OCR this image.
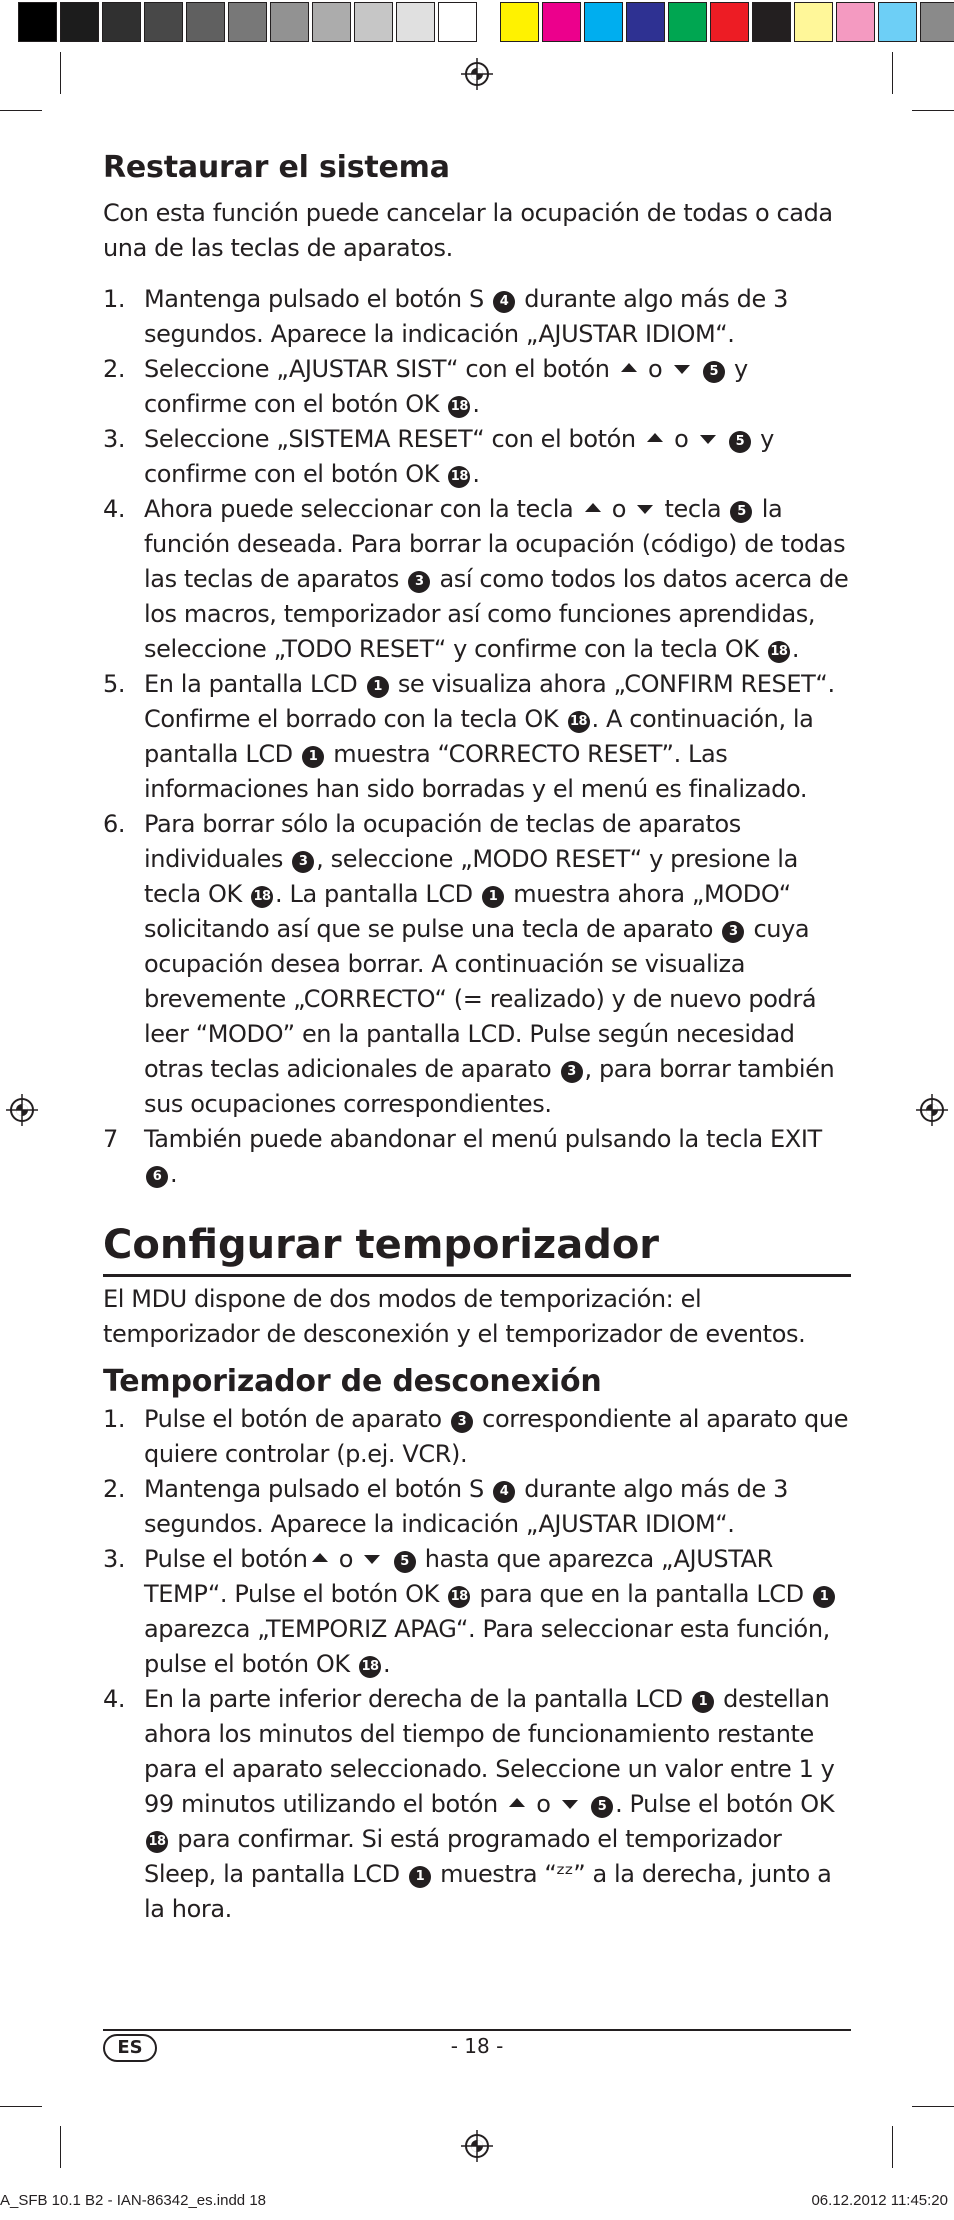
Restaurar el sistema
Con esta función puede cancelar la ocupación de todas o cada una de las teclas de aparatos.
1. Mantenga pulsado el botón S 4 durante algo más de 3 segundos. Aparece la indicación „AJUSTAR IDIOM“.
2. Seleccione „AJUSTAR SIST“ con el botón  o	5 y confirme con el botón OK 18 .
3. Seleccione „SISTEMA RESET“ con el botón  o	5 y confirme con el botón OK 18 .
4. Ahora puede seleccionar con la tecla  o  tecla 5 la función deseada. Para borrar la ocupación (código) de todas las teclas de aparatos 3 así como todos los datos acerca de los macros, temporizador así como funciones aprendidas, seleccione „TODO RESET“ y confirme con la tecla OK 18 .
5. En la pantalla LCD 1 se visualiza ahora „CONFIRM RESET“. Confirme el borrado con la tecla OK 18 . A continuación, la pantalla LCD 1 muestra “CORRECTO RESET”. Las informaciones han sido borradas y el menú es finalizado.
6. Para borrar sólo la ocupación de teclas de aparatos individuales 3 , seleccione „MODO RESET“ y presione la tecla OK 18 . La pantalla LCD 1 muestra ahora „MODO“ solicitando así que se pulse una tecla de aparato 3 cuya ocupación desea borrar. A continuación se visualiza brevemente „CORRECTO“ (= realizado) y de nuevo podrá leer “MODO” en la pantalla LCD. Pulse según necesidad otras teclas adicionales de aparato 3 , para borrar también sus ocupaciones correspondientes.
7	También puede abandonar el menú pulsando la tecla EXIT 6 .
Configurar temporizador
El MDU dispone de dos modos de temporización: el temporizador de desconexión y el temporizador de eventos.
Temporizador de desconexión
1. Pulse el botón de aparato 3 correspondiente al aparato que quiere controlar (p.ej. VCR).
2. Mantenga pulsado el botón S 4 durante algo más de 3 segundos. Aparece la indicación „AJUSTAR IDIOM“.
3. Pulse el botón o	5 hasta que aparezca „AJUSTAR TEMP“. Pulse el botón OK 18 para que en la pantalla LCD 1 aparezca „TEMPORIZ APAG“. Para seleccionar esta función, pulse el botón OK 18 .
4. En la parte inferior derecha de la pantalla LCD 1 destellan ahora los minutos del tiempo de funcionamiento restante para el aparato seleccionado. Seleccione un valor entre 1 y 99 minutos utilizando el botón  o	5 . Pulse el botón OK 18 para confirmar. Si está programado el temporizador Sleep, la pantalla LCD 1 muestra “ᶻᶻ” a la derecha, junto a la hora.
ES	- 18 -
A_SFB 10.1 B2 - IAN-86342_es.indd 18	06.12.2012 11:45:20
